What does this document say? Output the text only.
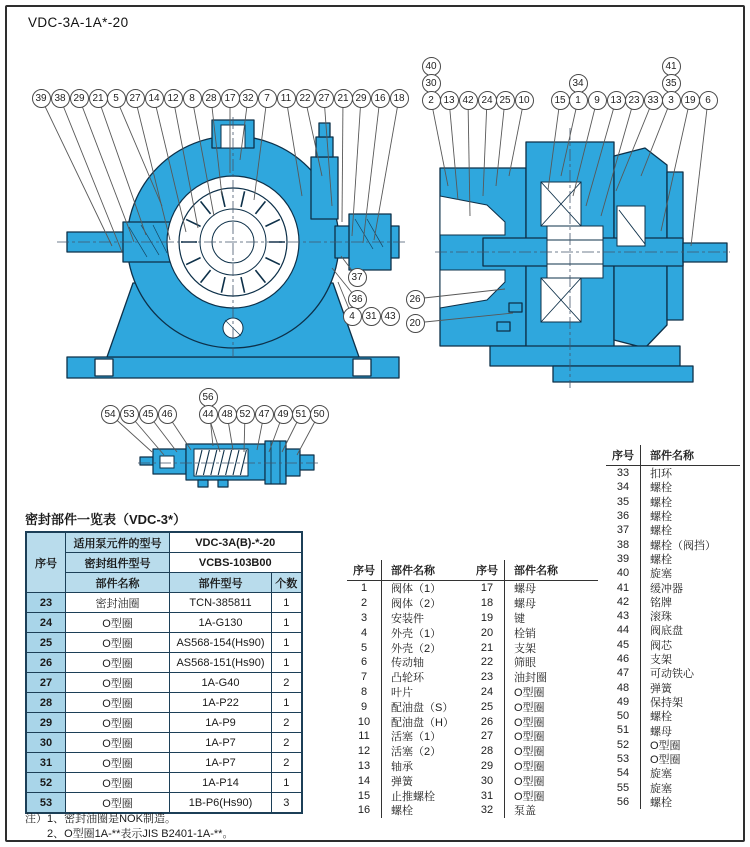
VDC-3A-1A*-20
39 38 29 21 5	27 14 12	8	28 17 32	7	11 22 27 21 29 16 18
37
36
4	31 43
40
30
2 13 42 24 25 10
34
15 1	9	13 23 33
41
35
3	19 6
26
20
56
54 53 45 46	44 48 52 47 49 51 50
密封部件一览表（VDC-3*）
序号	适用泵元件的型号	VDC-3A(B)-*-20	
	密封组件型号	VCBS-103B00	
	部件名称	部件型号	个数
23	密封油圈	TCN-385811	1
24	O型圈	1A-G130	1
25	O型圈	AS568-154(Hs90)	1
26	O型圈	AS568-151(Hs90)	1
27	O型圈	1A-G40	2
28	O型圈	1A-P22	1
29	O型圈	1A-P9	2
30	O型圈	1A-P7	2
31	O型圈	1A-P7	2
52	O型圈	1A-P14	1
53	O型圈	1B-P6(Hs90)	3
注）1、密封油圈是NOK制造。
2、O型圈1A-**表示JIS B2401-1A-**。
序号	部件名称
1	阀体（1）
2	阀体（2）
3	安装件
4	外壳（1）
5	外壳（2）
6	传动轴
7	凸轮环
8	叶片
9	配油盘（S）
10	配油盘（H）
11	活塞（1）
12	活塞（2）
13	轴承
14	弹簧
15	止推螺栓
16	螺栓
序号	部件名称
17	螺母
18	螺母
19	键
20	栓销
21	支架
22	筛眼
23	油封圈
24	O型圈
25	O型圈
26	O型圈
27	O型圈
28	O型圈
29	O型圈
30	O型圈
31	O型圈
32	泵盖
序号	部件名称
33	扣环
34	螺栓
35	螺栓
36	螺栓
37	螺栓
38	螺栓（阀挡）
39	螺栓
40	旋塞
41	缓冲器
42	铭牌
43	滚珠
44	阀底盘
45	阀芯
46	支架
47	可动铁心
48	弹簧
49	保持架
50	螺栓
51	螺母
52	O型圈
53	O型圈
54	旋塞
55	旋塞
56	螺栓
